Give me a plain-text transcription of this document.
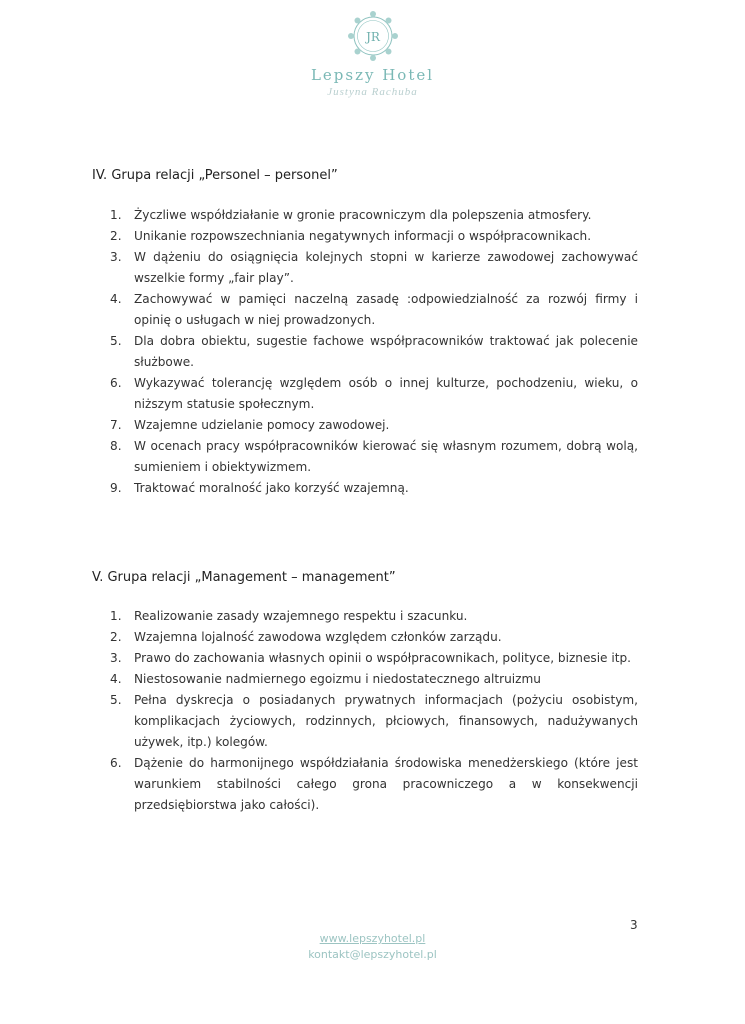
JR
Lepszy Hotel
Justyna Rachuba
IV. Grupa relacji „Personel – personel”
1.	Życzliwe współdziałanie w gronie pracowniczym dla polepszenia atmosfery.
2.	Unikanie rozpowszechniania negatywnych informacji o współpracownikach.
3.	W dążeniu do osiągnięcia kolejnych stopni w karierze zawodowej zachowywać wszelkie formy „fair play”.
4.	Zachowywać w pamięci naczelną zasadę :odpowiedzialność za rozwój firmy i opinię o usługach w niej prowadzonych.
5.	Dla dobra obiektu, sugestie fachowe współpracowników traktować jak polecenie służbowe.
6.	Wykazywać tolerancję względem osób o innej kulturze, pochodzeniu, wieku, o niższym statusie społecznym.
7.	Wzajemne udzielanie pomocy zawodowej.
8.	W ocenach pracy współpracowników kierować się własnym rozumem, dobrą wolą, sumieniem i obiektywizmem.
9.	Traktować moralność jako korzyść wzajemną.
V. Grupa relacji „Management – management”
1.	Realizowanie zasady wzajemnego respektu i szacunku.
2.	Wzajemna lojalność zawodowa względem członków zarządu.
3.	Prawo do zachowania własnych opinii o współpracownikach, polityce, biznesie itp.
4.	Niestosowanie nadmiernego egoizmu i niedostatecznego altruizmu
5.	Pełna dyskrecja o posiadanych prywatnych informacjach (pożyciu osobistym, komplikacjach życiowych, rodzinnych, płciowych, finansowych, nadużywanych używek, itp.) kolegów.
6.	Dążenie do harmonijnego współdziałania środowiska menedżerskiego (które jest warunkiem stabilności całego grona pracowniczego a w konsekwencji przedsiębiorstwa jako całości).
3
www.lepszyhotel.pl
kontakt@lepszyhotel.pl
